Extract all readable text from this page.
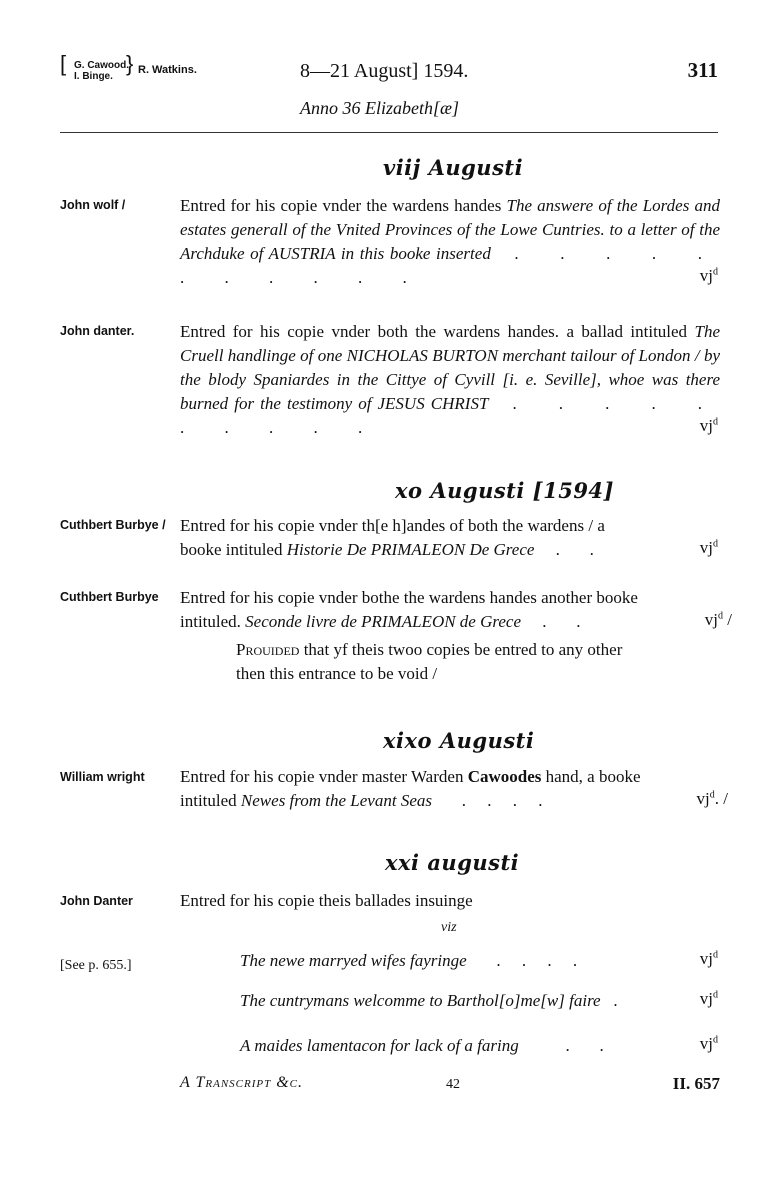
[ G. Cawood.
I. Binge.
} R. Watkins.	8—21 August] 1594.	311
Anno 36 Elizabeth[æ]
viij Augusti
John wolf /	Entred for his copie vnder the wardens handes The answere of the Lordes and estates generall of the Vnited Provinces of the Lowe Cuntries. to a letter of the Archduke of AUSTRIA in this booke inserted . . . . . . . . . . .	$vj^d$
John danter.	Entred for his copie vnder both the wardens handes. a ballad intituled The Cruell handlinge of one NICHOLAS BURTON merchant tailour of London / by the blody Spaniardes in the Cittye of Cyvill [i. e. Seville], whoe was there burned for the testimony of JESUS CHRIST . . . . . . . . . .	$vj^d$
xo Augusti [1594]
Cuthbert Burbye / Entred for his copie vnder th[e h]andes of both the wardens / a
booke intituled Historie De PRIMALEON De Grece     .       .	$vj^d$
Cuthbert Burbye Entred for his copie vnder bothe the wardens handes another booke
intituled. Seconde livre de PRIMALEON de Grece     .       .	$vj^d$ /
Prouided that yf theis twoo copies be entred to any other
then this entrance to be void /
xixo Augusti
William wright Entred for his copie vnder master Warden Cawoodes hand, a booke
intituled Newes from the Levant Seas       .     .     .     .	$vj^d$. /
xxi augusti
John Danter	Entred for his copie theis ballades insuinge
viz
[See p. 655.]	The newe marryed wifes fayringe       .     .     .     .	$vj^d$
The cuntrymans welcomme to Barthol[o]me[w] faire   .	$vj^d$
A maides lamentacon for lack of a faring           .       .	$vj^d$
A Transcript &c.	42	II. 657
